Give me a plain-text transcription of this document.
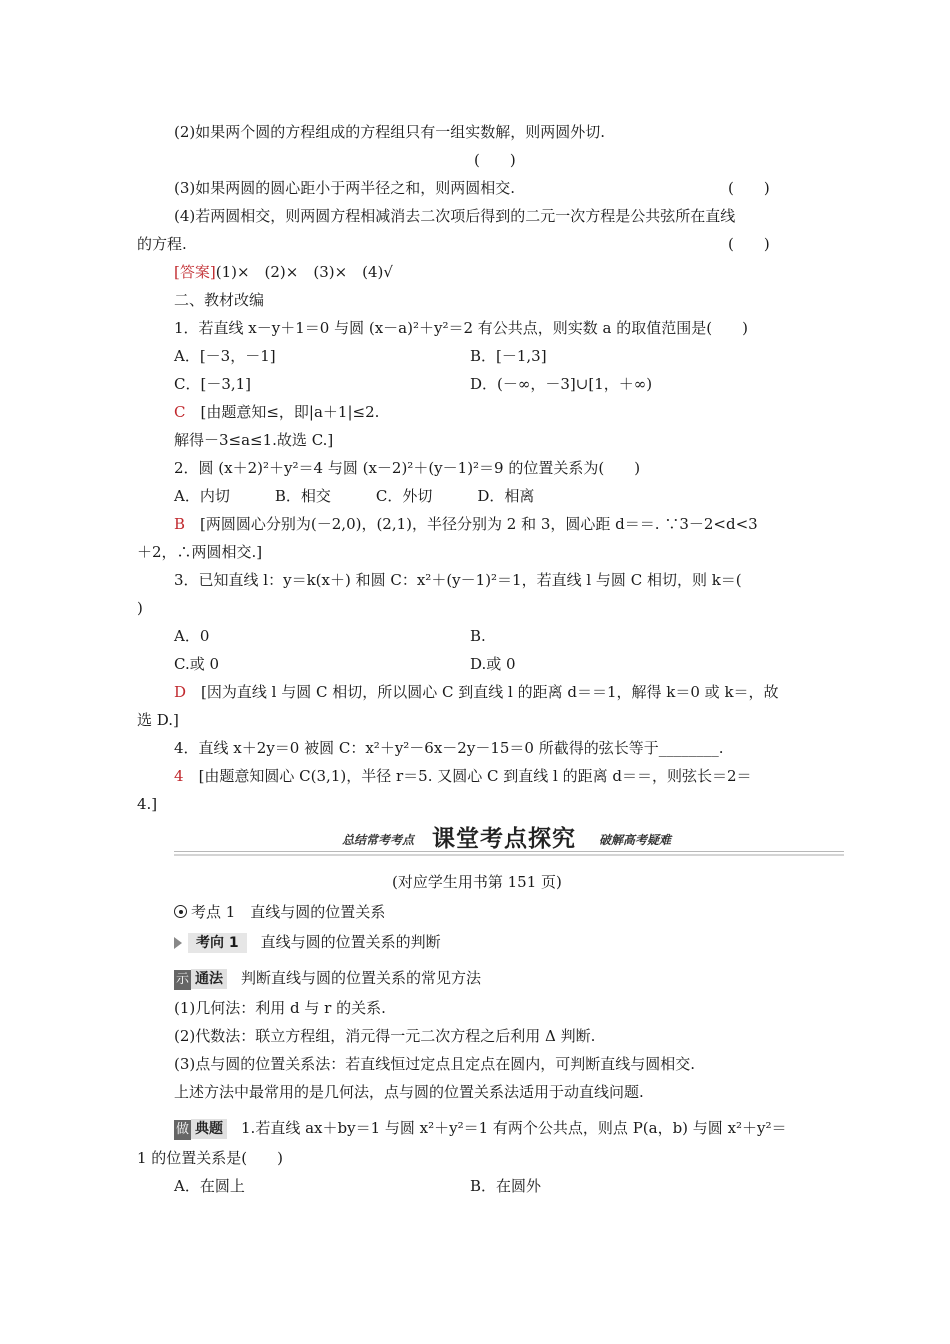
(2)如果两个圆的方程组成的方程组只有一组实数解，则两圆外切.
(　　)
(3)如果两圆的圆心距小于两半径之和，则两圆相交.	(　　)
(4)若两圆相交，则两圆方程相减消去二次项后得到的二元一次方程是公共弦所在直线
的方程.	(　　)
[答案](1)×　(2)×　(3)×　(4)√
二、教材改编
1．若直线 x－y＋1＝0 与圆 (x－a)²＋y²＝2 有公共点，则实数 a 的取值范围是(　　)
A．[－3，－1]	B．[－1,3]
C．[－3,1]	D．(－∞，－3]∪[1，＋∞)
C　 [由题意知≤，即|a＋1|≤2.
解得－3≤a≤1.故选 C.]
2．圆 (x＋2)²＋y²＝4 与圆 (x－2)²＋(y－1)²＝9 的位置关系为(　　)
A．内切　　　B．相交　　　C．外切　　　D．相离
B　 [两圆圆心分别为(－2,0)，(2,1)，半径分别为 2 和 3，圆心距 d＝＝. ∵3－2<d<3
＋2，∴两圆相交.]
3．已知直线 l：y＝k(x＋) 和圆 C：x²＋(y－1)²＝1，若直线 l 与圆 C 相切，则 k＝(
)
A．0	B.
C.或 0	D.或 0
D　 [因为直线 l 与圆 C 相切，所以圆心 C 到直线 l 的距离 d＝＝1，解得 k＝0 或 k＝，故
选 D.]
4．直线 x＋2y＝0 被圆 C：x²＋y²－6x－2y－15＝0 所截得的弦长等于________.
4　 [由题意知圆心 C(3,1)，半径 r＝5. 又圆心 C 到直线 l 的距离 d＝＝，则弦长＝2＝
4.]
总结常考考点 课堂考点探究 破解高考疑难
(对应学生用书第 151 页)
考点 1　直线与圆的位置关系
考向 1 直线与圆的位置关系的判断
示 通法 判断直线与圆的位置关系的常见方法
(1)几何法：利用 d 与 r 的关系.
(2)代数法：联立方程组，消元得一元二次方程之后利用 Δ 判断.
(3)点与圆的位置关系法：若直线恒过定点且定点在圆内，可判断直线与圆相交.
上述方法中最常用的是几何法，点与圆的位置关系法适用于动直线问题.
做 典题 1.若直线 ax＋by＝1 与圆 x²＋y²＝1 有两个公共点，则点 P(a，b) 与圆 x²＋y²＝
1 的位置关系是(　　)
A．在圆上	B．在圆外
